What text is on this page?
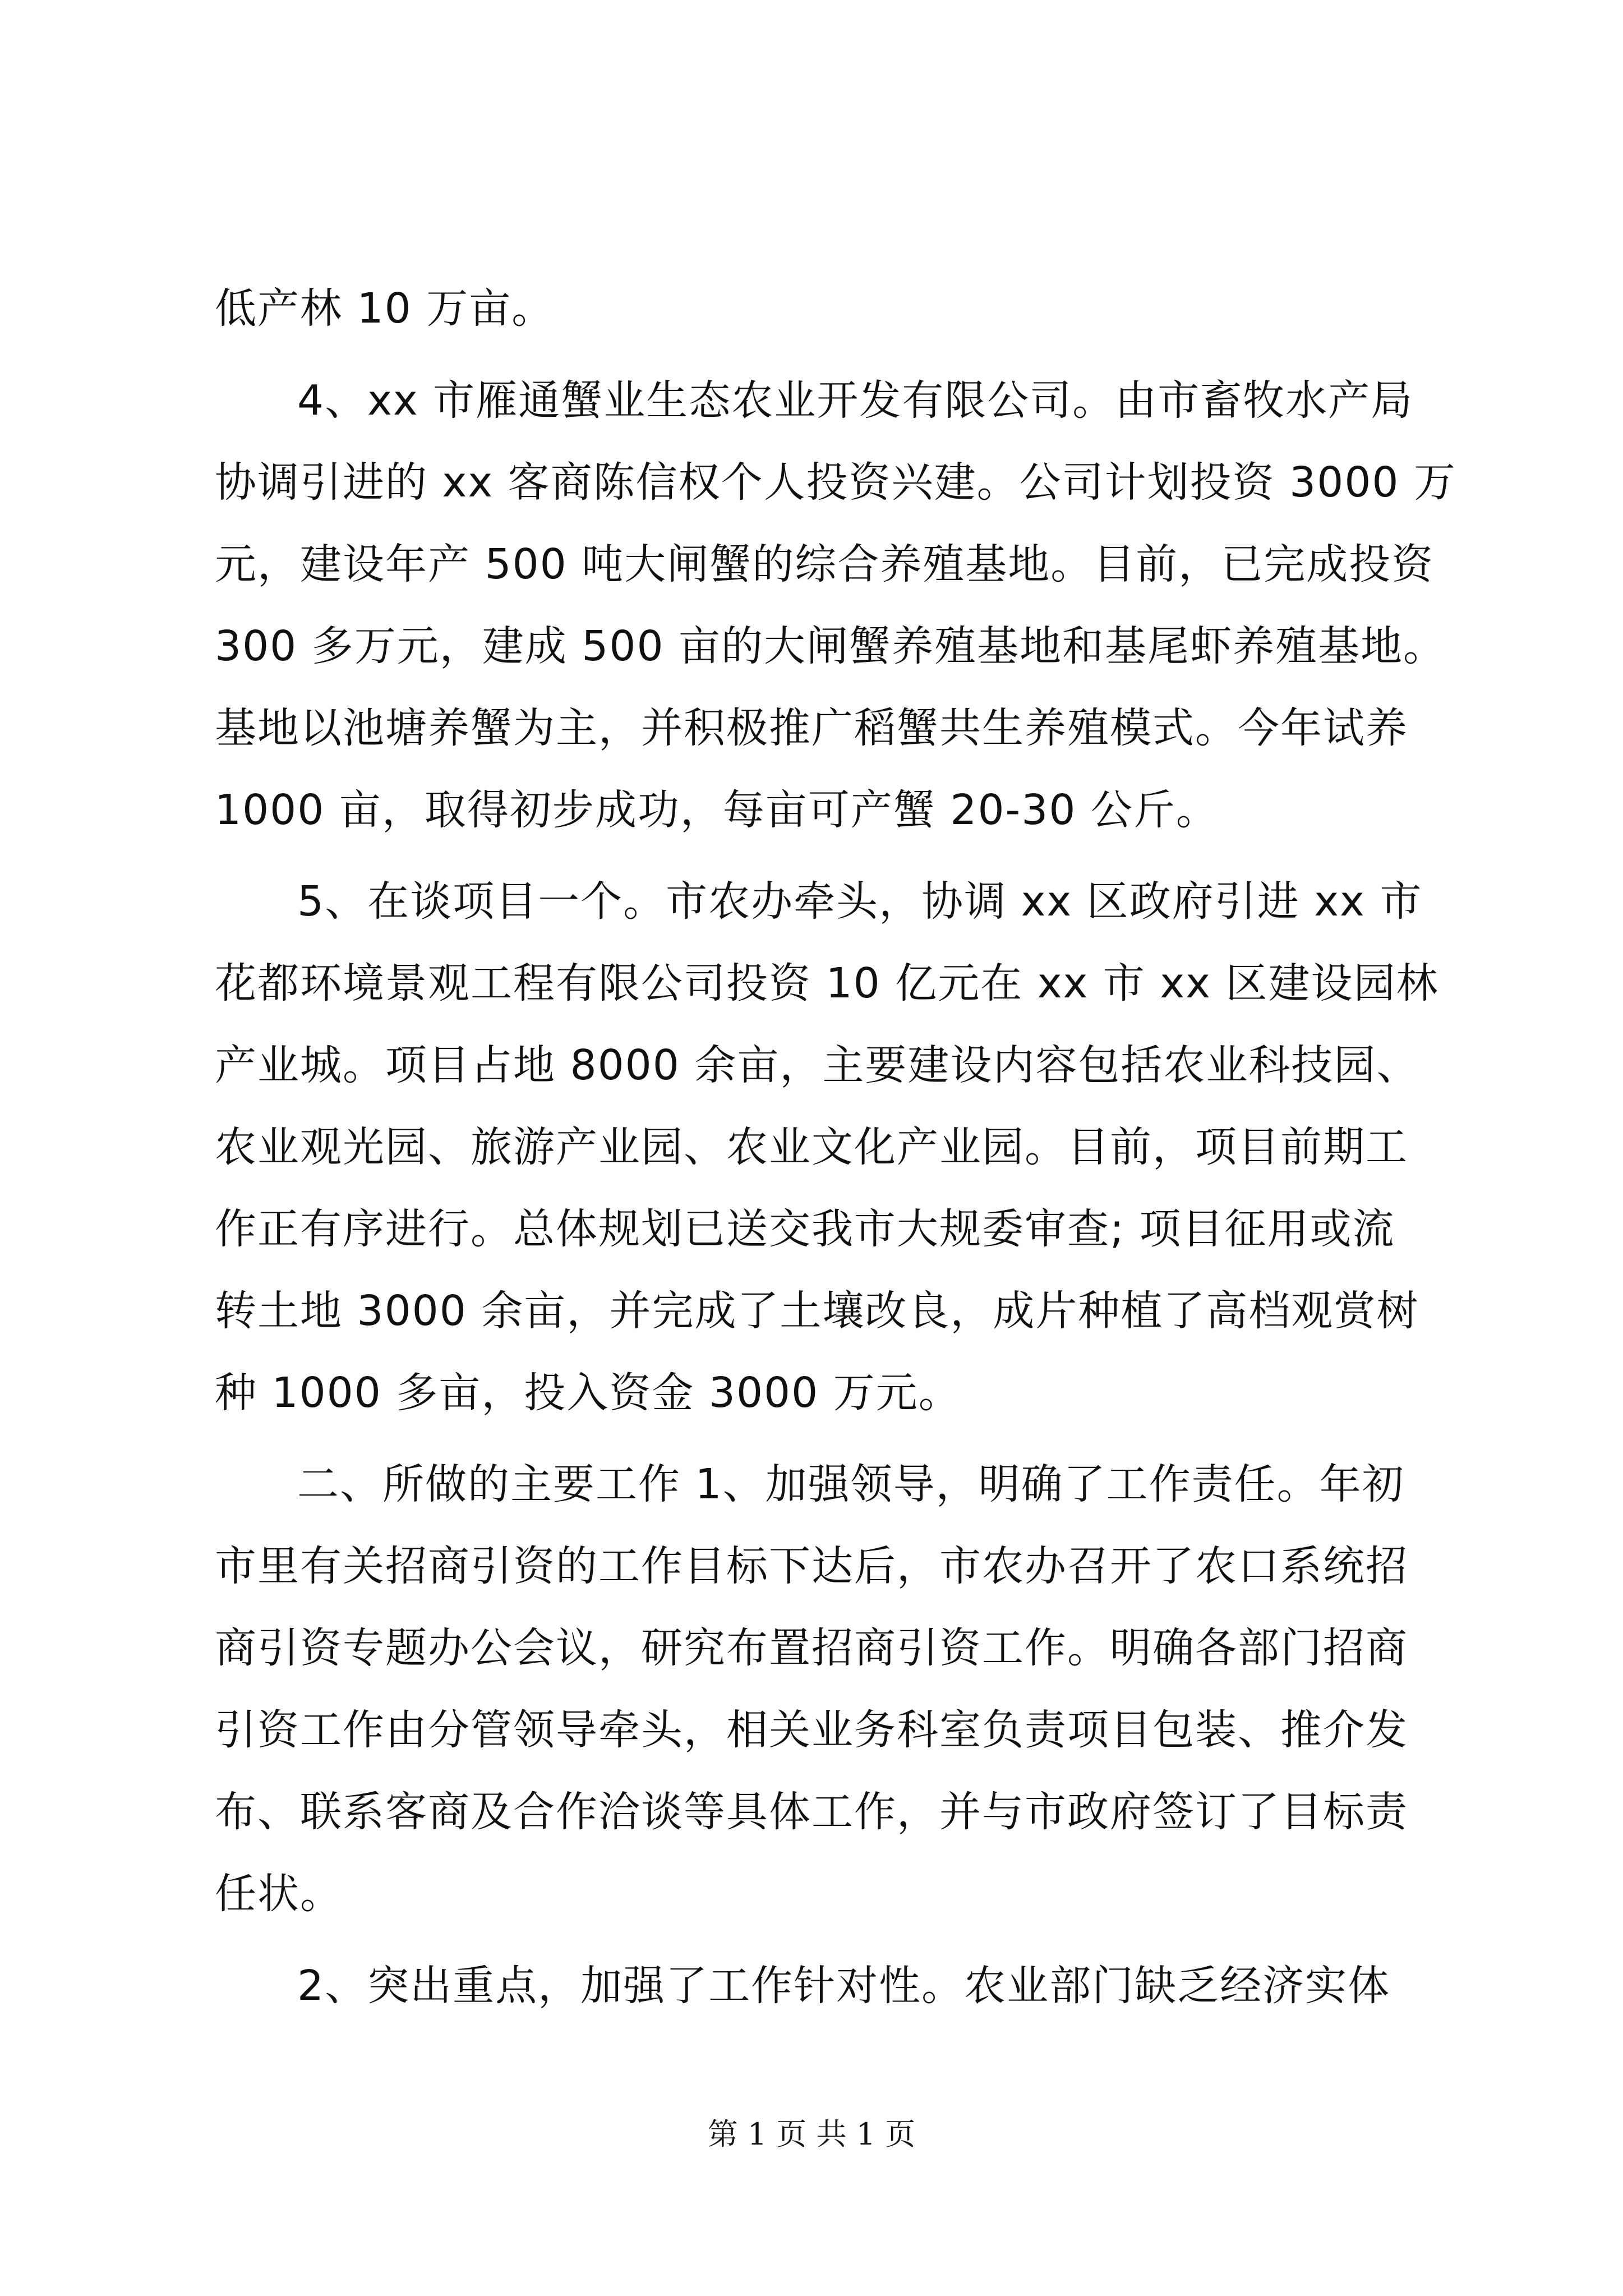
低产林 10 万亩。
4、xx 市雁通蟹业生态农业开发有限公司。由市畜牧水产局
协调引进的 xx 客商陈信权个人投资兴建。公司计划投资 3000 万
元，建设年产 500 吨大闸蟹的综合养殖基地。目前，已完成投资
300 多万元，建成 500 亩的大闸蟹养殖基地和基尾虾养殖基地。
基地以池塘养蟹为主，并积极推广稻蟹共生养殖模式。今年试养
1000 亩，取得初步成功，每亩可产蟹 20-30 公斤。
5、在谈项目一个。市农办牵头，协调 xx 区政府引进 xx 市
花都环境景观工程有限公司投资 10 亿元在 xx 市 xx 区建设园林
产业城。项目占地 8000 余亩，主要建设内容包括农业科技园、
农业观光园、旅游产业园、农业文化产业园。目前，项目前期工
作正有序进行。总体规划已送交我市大规委审查; 项目征用或流
转土地 3000 余亩，并完成了土壤改良，成片种植了高档观赏树
种 1000 多亩，投入资金 3000 万元。
二、所做的主要工作 1、加强领导，明确了工作责任。年初
市里有关招商引资的工作目标下达后，市农办召开了农口系统招
商引资专题办公会议，研究布置招商引资工作。明确各部门招商
引资工作由分管领导牵头，相关业务科室负责项目包装、推介发
布、联系客商及合作洽谈等具体工作，并与市政府签订了目标责
任状。
2、突出重点，加强了工作针对性。农业部门缺乏经济实体
第 1 页 共 1 页
